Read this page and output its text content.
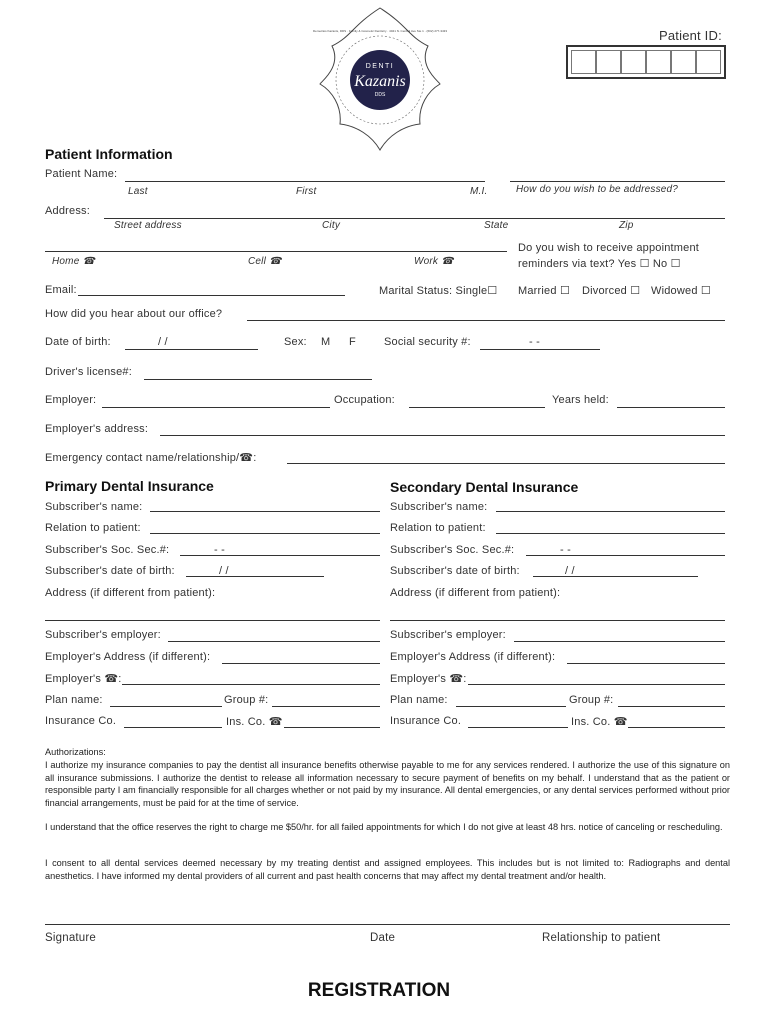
Patient ID:
DENTI
Kazanis
DDS
Demetrios Kazanis, DDS · Family & Cosmetic Dentistry · 4041 N. Central Ave Ste 1 · (602) 277-3433
Patient Information
Patient Name:
Last	First	M.I.	How do you wish to be addressed?
Address:
Street address	City	State	Zip
Home ☎	Cell ☎	Work ☎
Do you wish to receive appointment
reminders via text? Yes ☐ No ☐
Email:	Marital Status: Single☐ Married ☐ Divorced ☐ Widowed ☐
How did you hear about our office?
Date of birth:	/ /	Sex: M F	Social security #:	- -
Driver's license#:
Employer:	Occupation:	Years held:
Employer's address:
Emergency contact name/relationship/☎:
Primary Dental Insurance
Subscriber's name:
Relation to patient:
Subscriber's Soc. Sec.#:	- -
Subscriber's date of birth:	/ /
Address (if different from patient):
Subscriber's employer:
Employer's Address (if different):
Employer's ☎:
Plan name:	Group #:
Insurance Co.	Ins. Co. ☎
Secondary Dental Insurance
Subscriber's name:
Relation to patient:
Subscriber's Soc. Sec.#:	- -
Subscriber's date of birth:	/ /
Address (if different from patient):
Subscriber's employer:
Employer's Address (if different):
Employer's ☎:
Plan name:	Group #:
Insurance Co.	Ins. Co. ☎
Authorizations:
I authorize my insurance companies to pay the dentist all insurance benefits otherwise payable to me for any services rendered. I authorize the use of this signature on all insurance submissions. I authorize the dentist to release all information necessary to secure payment of benefits on my behalf. I understand that as the patient or responsible party I am financially responsible for all charges whether or not paid by my insurance. All dental emergencies, or any dental services performed without prior financial arrangements, must be paid for at the time of service.
I understand that the office reserves the right to charge me $50/hr. for all failed appointments for which I do not give at least 48 hrs. notice of canceling or rescheduling.
I consent to all dental services deemed necessary by my treating dentist and assigned employees. This includes but is not limited to: Radiographs and dental anesthetics. I have informed my dental providers of all current and past health concerns that may affect my dental treatment and/or health.
Signature	Date	Relationship to patient
REGISTRATION
